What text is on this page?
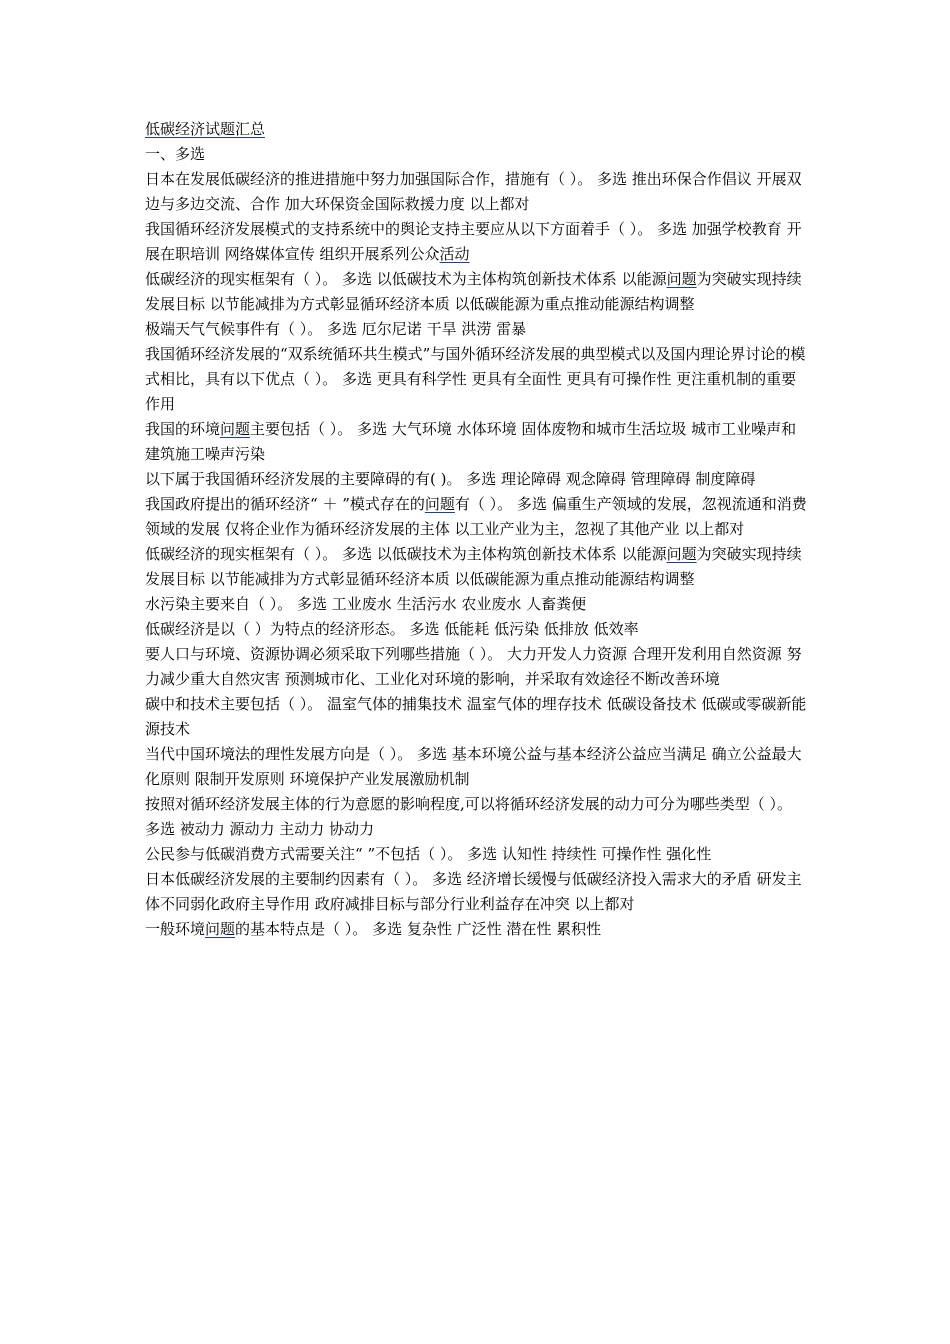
低碳经济试题汇总
一、多选
日本在发展低碳经济的推进措施中努力加强国际合作，措施有（ ）。 多选 推出环保合作倡议 开展双边与多边交流、合作 加大环保资金国际救援力度 以上都对
我国循环经济发展模式的支持系统中的舆论支持主要应从以下方面着手（ ）。 多选 加强学校教育 开展在职培训 网络媒体宣传 组织开展系列公众活动
低碳经济的现实框架有（ ）。 多选 以低碳技术为主体构筑创新技术体系 以能源问题为突破实现持续发展目标 以节能减排为方式彰显循环经济本质 以低碳能源为重点推动能源结构调整
极端天气气候事件有（ ）。 多选 厄尔尼诺 干旱 洪涝 雷暴
我国循环经济发展的“双系统循环共生模式”与国外循环经济发展的典型模式以及国内理论界讨论的模式相比，具有以下优点（ ）。 多选 更具有科学性 更具有全面性 更具有可操作性 更注重机制的重要作用
我国的环境问题主要包括（ ）。 多选 大气环境 水体环境 固体废物和城市生活垃圾 城市工业噪声和建筑施工噪声污染
以下属于我国循环经济发展的主要障碍的有( )。 多选 理论障碍 观念障碍 管理障碍 制度障碍
我国政府提出的循环经济“ ＋ ”模式存在的问题有（ ）。 多选 偏重生产领域的发展，忽视流通和消费领域的发展 仅将企业作为循环经济发展的主体 以工业产业为主，忽视了其他产业 以上都对
低碳经济的现实框架有（ ）。 多选 以低碳技术为主体构筑创新技术体系 以能源问题为突破实现持续发展目标 以节能减排为方式彰显循环经济本质 以低碳能源为重点推动能源结构调整
水污染主要来自（ ）。 多选 工业废水 生活污水 农业废水 人畜粪便
低碳经济是以（ ）为特点的经济形态。 多选 低能耗 低污染 低排放 低效率
要人口与环境、资源协调必须采取下列哪些措施（ ）。 大力开发人力资源 合理开发利用自然资源 努力减少重大自然灾害 预测城市化、工业化对环境的影响，并采取有效途径不断改善环境
碳中和技术主要包括（ ）。 温室气体的捕集技术 温室气体的埋存技术 低碳设备技术 低碳或零碳新能源技术
当代中国环境法的理性发展方向是（ ）。 多选 基本环境公益与基本经济公益应当满足 确立公益最大化原则 限制开发原则 环境保护产业发展激励机制
按照对循环经济发展主体的行为意愿的影响程度,可以将循环经济发展的动力可分为哪些类型（ ）。 多选 被动力 源动力 主动力 协动力
公民参与低碳消费方式需要关注“ ”不包括（ ）。 多选 认知性 持续性 可操作性 强化性
日本低碳经济发展的主要制约因素有（ ）。 多选 经济增长缓慢与低碳经济投入需求大的矛盾 研发主体不同弱化政府主导作用 政府减排目标与部分行业利益存在冲突 以上都对
一般环境问题的基本特点是（ ）。 多选 复杂性 广泛性 潜在性 累积性
